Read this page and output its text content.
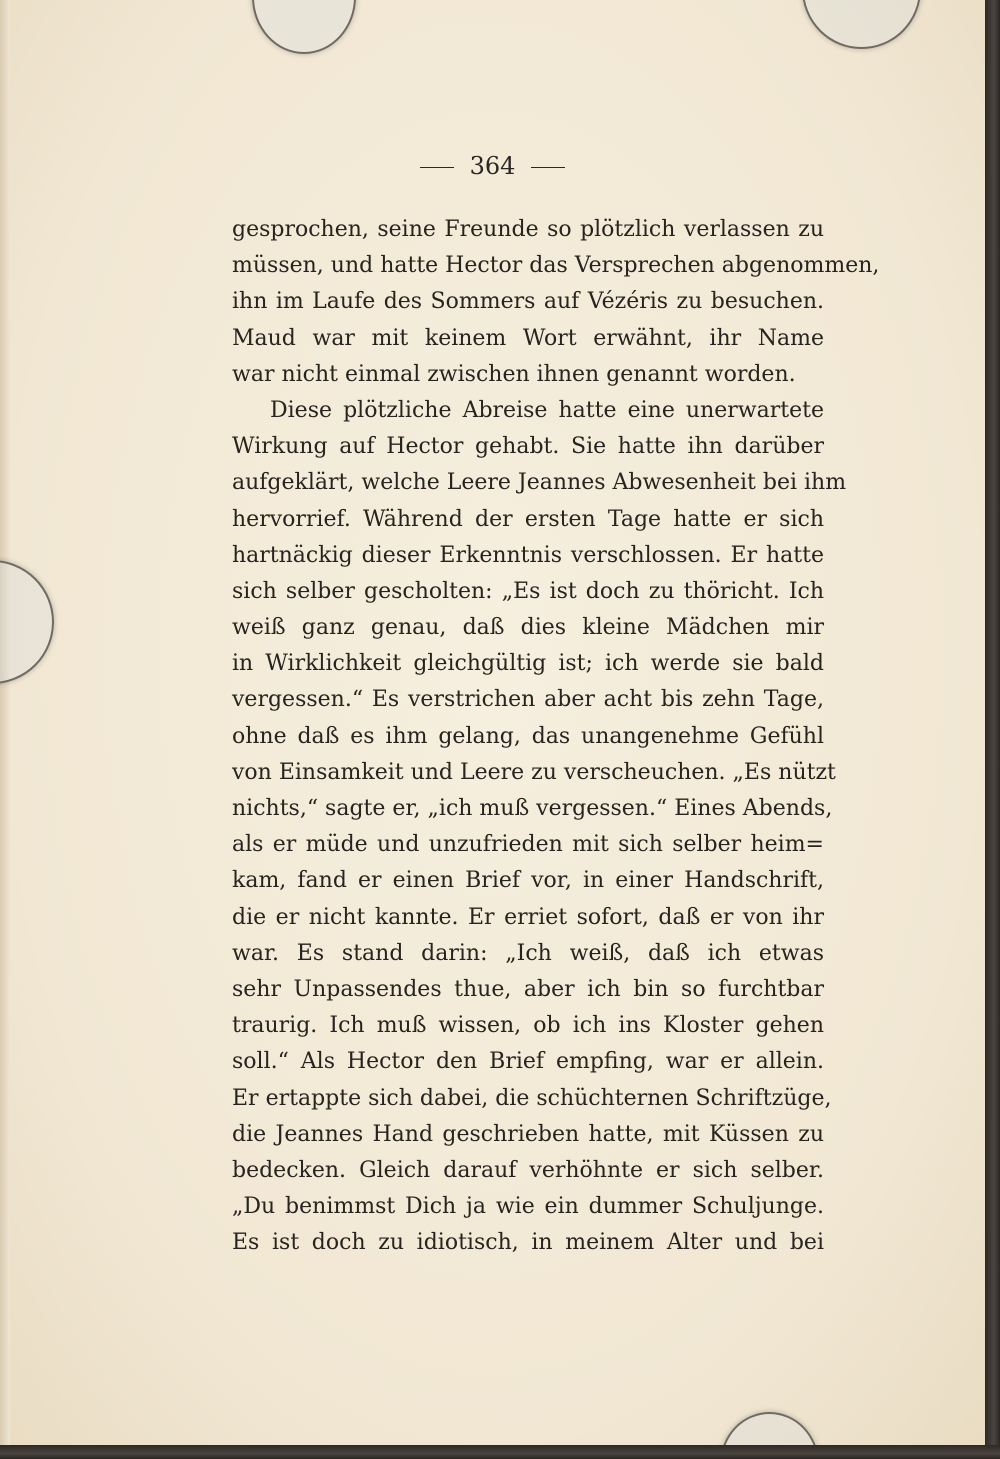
364
gesprochen, seine Freunde so plötzlich verlassen zu
müssen, und hatte Hector das Versprechen abgenommen,
ihn im Laufe des Sommers auf Vézéris zu besuchen.
Maud war mit keinem Wort erwähnt, ihr Name
war nicht einmal zwischen ihnen genannt worden.
Diese plötzliche Abreise hatte eine unerwartete
Wirkung auf Hector gehabt. Sie hatte ihn darüber
aufgeklärt, welche Leere Jeannes Abwesenheit bei ihm
hervorrief. Während der ersten Tage hatte er sich
hartnäckig dieser Erkenntnis verschlossen. Er hatte
sich selber gescholten: „Es ist doch zu thöricht. Ich
weiß ganz genau, daß dies kleine Mädchen mir
in Wirklichkeit gleichgültig ist; ich werde sie bald
vergessen.“ Es verstrichen aber acht bis zehn Tage,
ohne daß es ihm gelang, das unangenehme Gefühl
von Einsamkeit und Leere zu verscheuchen. „Es nützt
nichts,“ sagte er, „ich muß vergessen.“ Eines Abends,
als er müde und unzufrieden mit sich selber heim=
kam, fand er einen Brief vor, in einer Handschrift,
die er nicht kannte. Er erriet sofort, daß er von ihr
war. Es stand darin: „Ich weiß, daß ich etwas
sehr Unpassendes thue, aber ich bin so furchtbar
traurig. Ich muß wissen, ob ich ins Kloster gehen
soll.“ Als Hector den Brief empfing, war er allein.
Er ertappte sich dabei, die schüchternen Schriftzüge,
die Jeannes Hand geschrieben hatte, mit Küssen zu
bedecken. Gleich darauf verhöhnte er sich selber.
„Du benimmst Dich ja wie ein dummer Schuljunge.
Es ist doch zu idiotisch, in meinem Alter und bei
